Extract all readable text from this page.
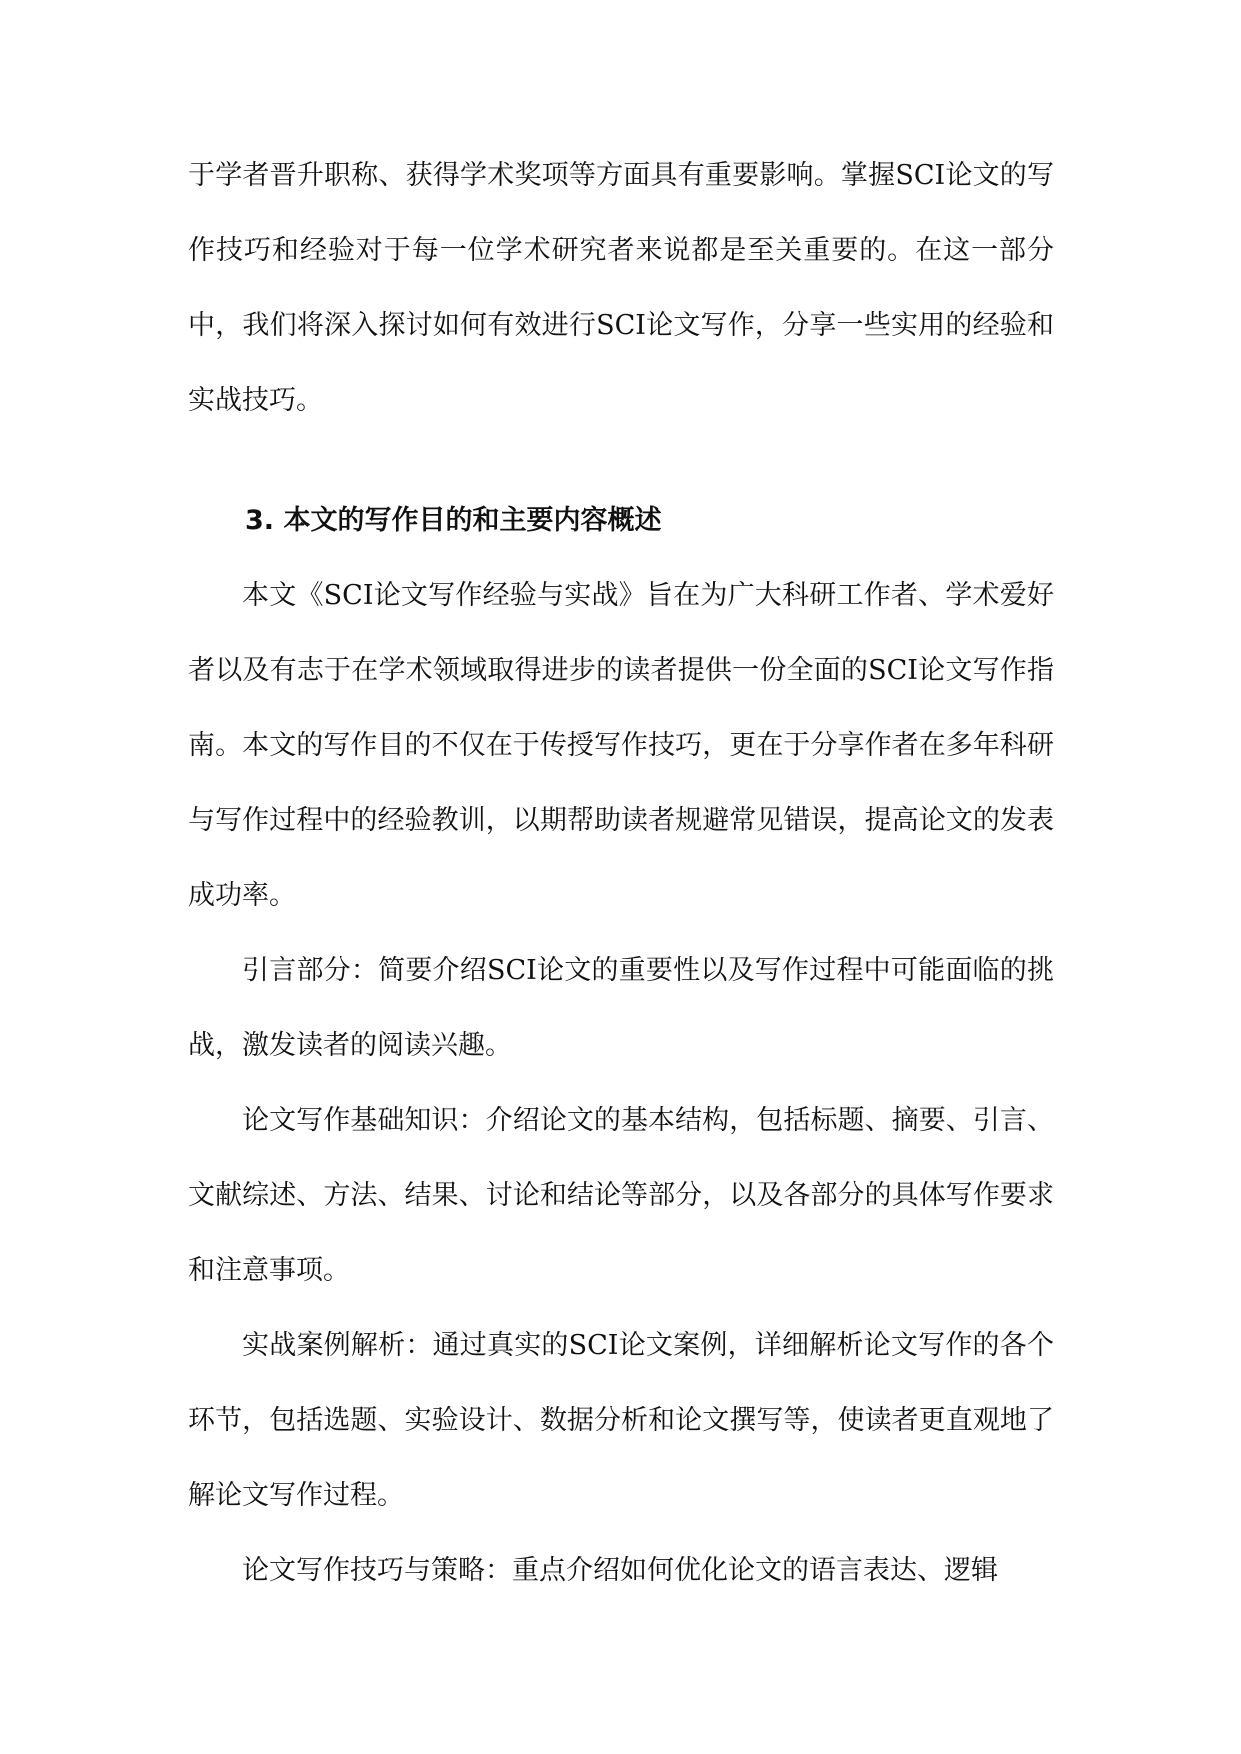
于学者晋升职称、获得学术奖项等方面具有重要影响。掌握SCI论文的写作技巧和经验对于每一位学术研究者来说都是至关重要的。在这一部分中，我们将深入探讨如何有效进行SCI论文写作，分享一些实用的经验和实战技巧。

3. 本文的写作目的和主要内容概述

本文《SCI论文写作经验与实战》旨在为广大科研工作者、学术爱好者以及有志于在学术领域取得进步的读者提供一份全面的SCI论文写作指南。本文的写作目的不仅在于传授写作技巧，更在于分享作者在多年科研与写作过程中的经验教训，以期帮助读者规避常见错误，提高论文的发表成功率。

引言部分：简要介绍SCI论文的重要性以及写作过程中可能面临的挑战，激发读者的阅读兴趣。

论文写作基础知识：介绍论文的基本结构，包括标题、摘要、引言、文献综述、方法、结果、讨论和结论等部分，以及各部分的具体写作要求和注意事项。

实战案例解析：通过真实的SCI论文案例，详细解析论文写作的各个环节，包括选题、实验设计、数据分析和论文撰写等，使读者更直观地了解论文写作过程。

论文写作技巧与策略：重点介绍如何优化论文的语言表达、逻辑
